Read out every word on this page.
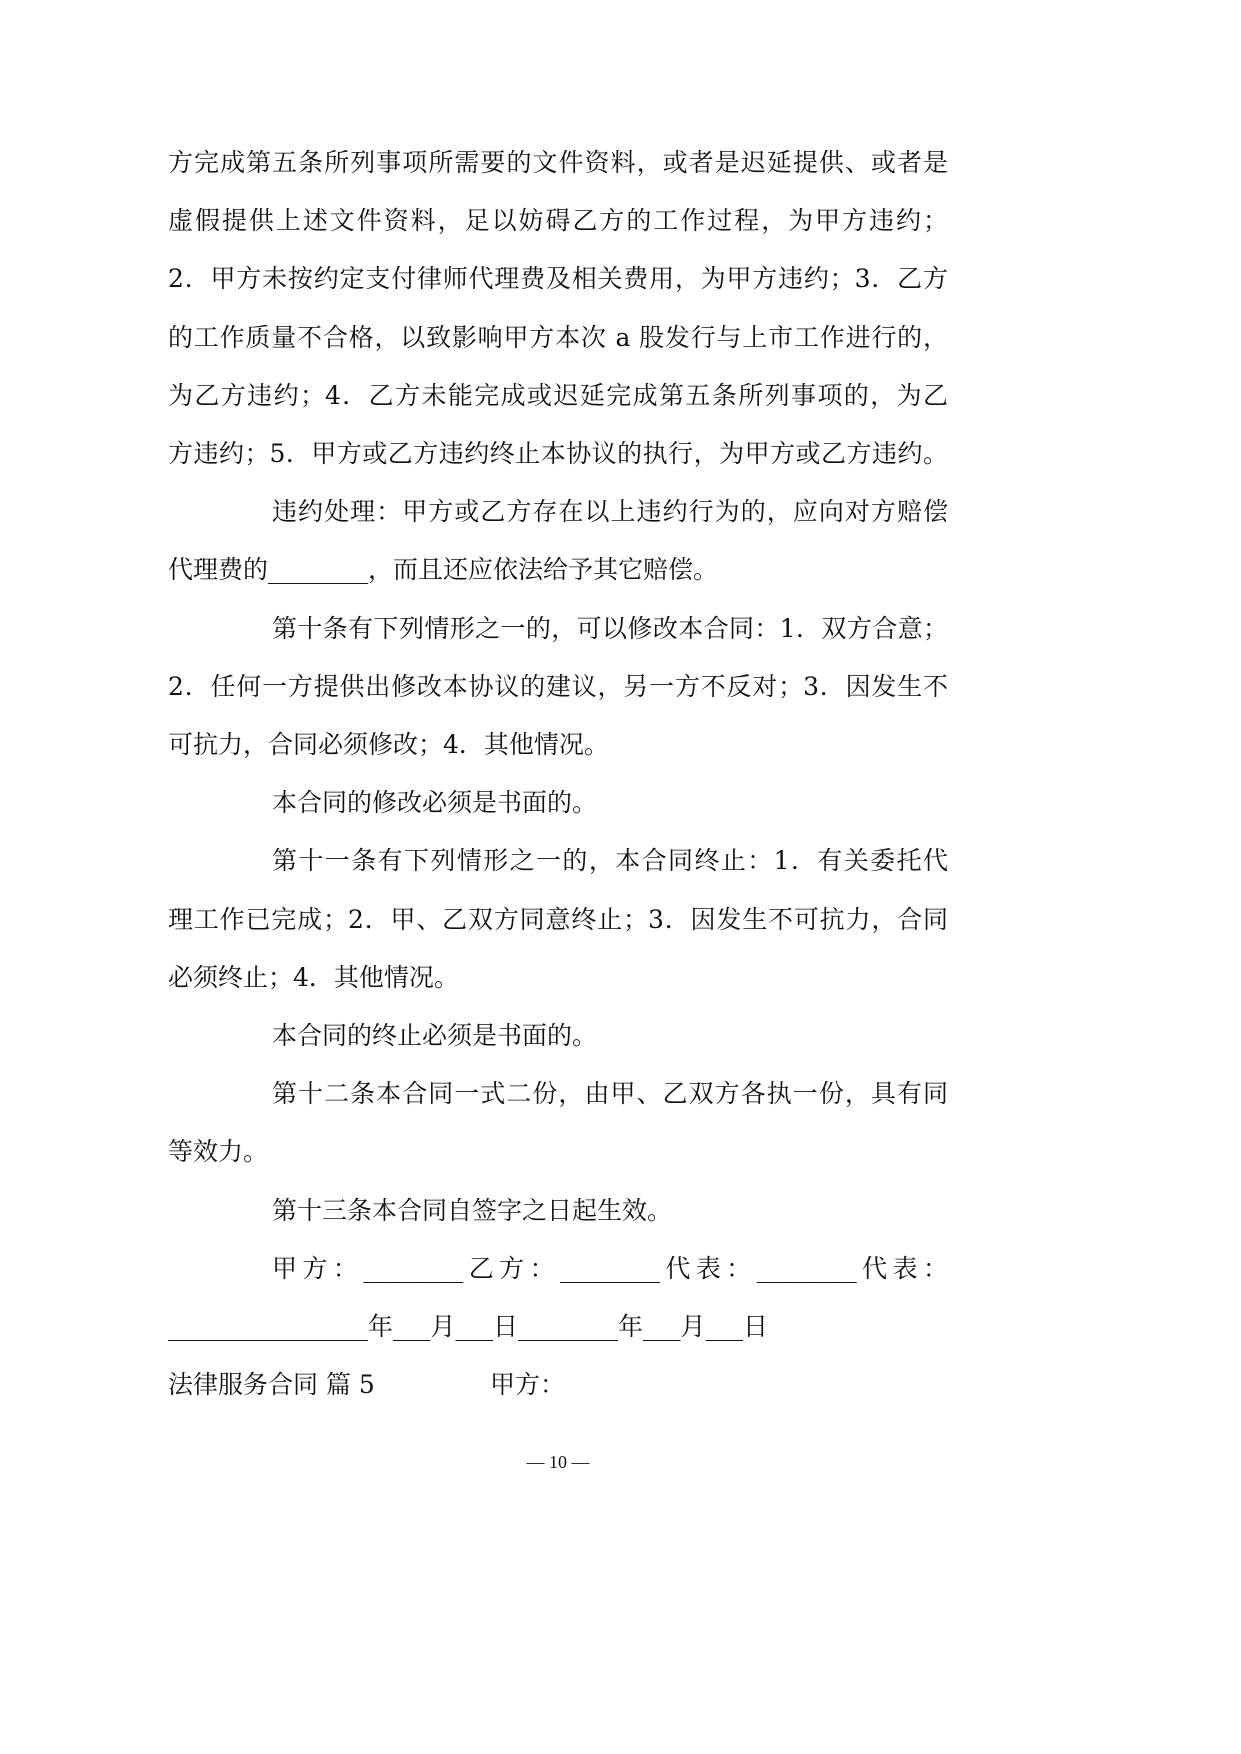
方完成第五条所列事项所需要的文件资料，或者是迟延提供、或者是
虚假提供上述文件资料，足以妨碍乙方的工作过程，为甲方违约；
2．甲方未按约定支付律师代理费及相关费用，为甲方违约；3．乙方
的工作质量不合格，以致影响甲方本次 a 股发行与上市工作进行的，
为乙方违约；4．乙方未能完成或迟延完成第五条所列事项的，为乙
方违约；5．甲方或乙方违约终止本协议的执行，为甲方或乙方违约。
违约处理：甲方或乙方存在以上违约行为的，应向对方赔偿
代理费的________，而且还应依法给予其它赔偿。
第十条有下列情形之一的，可以修改本合同：1．双方合意；
2．任何一方提供出修改本协议的建议，另一方不反对；3．因发生不
可抗力，合同必须修改；4．其他情况。
本合同的修改必须是书面的。
第十一条有下列情形之一的，本合同终止：1．有关委托代
理工作已完成；2．甲、乙双方同意终止；3．因发生不可抗力，合同
必须终止；4．其他情况。
本合同的终止必须是书面的。
第十二条本合同一式二份，由甲、乙双方各执一份，具有同
等效力。
第十三条本合同自签字之日起生效。
甲方：________乙方：________代表：________代表：
________________年___月___日________年___月___日
法律服务合同 篇 5	甲方：
— 10 —
